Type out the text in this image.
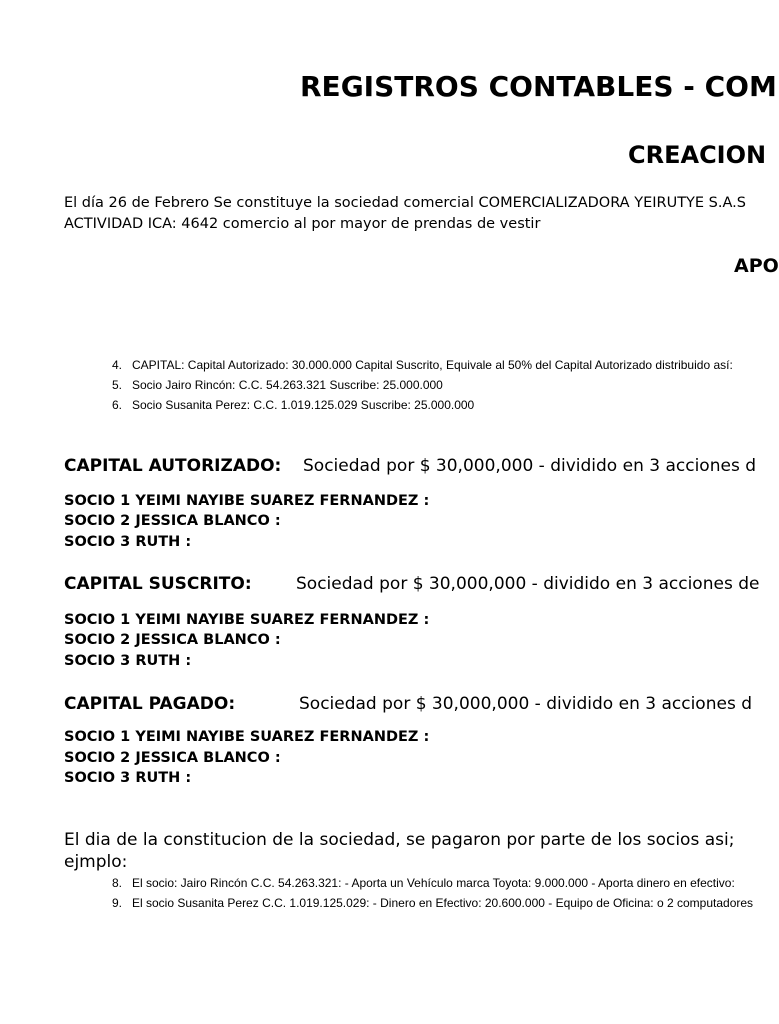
REGISTROS CONTABLES - COM
CREACION
El día 26 de Febrero Se constituye la sociedad comercial COMERCIALIZADORA YEIRUTYE S.A.S
ACTIVIDAD ICA: 4642 comercio al por mayor de prendas de vestir
APO
4. CAPITAL: Capital Autorizado: 30.000.000 Capital Suscrito, Equivale al 50% del Capital Autorizado distribuido así:
5. Socio Jairo Rincón: C.C. 54.263.321 Suscribe: 25.000.000
6. Socio Susanita Perez: C.C. 1.019.125.029 Suscribe: 25.000.000
CAPITAL AUTORIZADO: Sociedad por $ 30,000,000 - dividido en 3 acciones d
SOCIO 1 YEIMI NAYIBE SUAREZ FERNANDEZ :
SOCIO 2 JESSICA BLANCO :
SOCIO 3 RUTH :
CAPITAL SUSCRITO:	Sociedad por $ 30,000,000 - dividido en 3 acciones de
SOCIO 1 YEIMI NAYIBE SUAREZ FERNANDEZ :
SOCIO 2 JESSICA BLANCO :
SOCIO 3 RUTH :
CAPITAL PAGADO:	Sociedad por $ 30,000,000 - dividido en 3 acciones d
SOCIO 1 YEIMI NAYIBE SUAREZ FERNANDEZ :
SOCIO 2 JESSICA BLANCO :
SOCIO 3 RUTH :
El dia de la constitucion de la sociedad, se pagaron por parte de los socios asi;
ejmplo:
8. El socio: Jairo Rincón C.C. 54.263.321: - Aporta un Vehículo marca Toyota: 9.000.000 - Aporta dinero en efectivo:
9. El socio Susanita Perez C.C. 1.019.125.029: - Dinero en Efectivo: 20.600.000 - Equipo de Oficina: o 2 computadores
